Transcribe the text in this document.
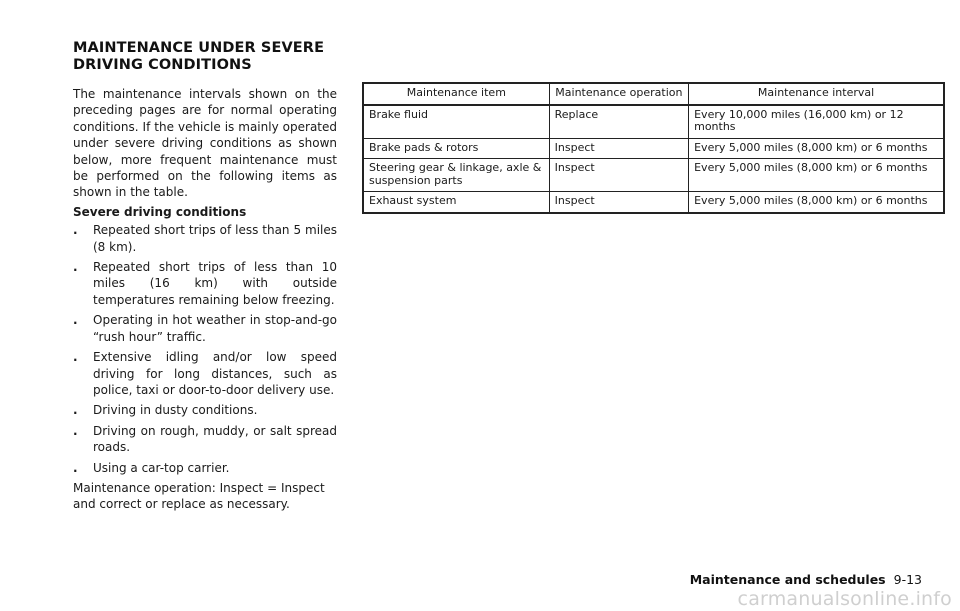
MAINTENANCE UNDER SEVERE
DRIVING CONDITIONS

The maintenance intervals shown on the preceding pages are for normal operating conditions. If the vehicle is mainly operated under severe driving conditions as shown below, more frequent maintenance must be performed on the following items as shown in the table.

Severe driving conditions

. Repeated short trips of less than 5 miles (8 km).
. Repeated short trips of less than 10 miles (16 km) with outside temperatures remaining below freezing.
. Operating in hot weather in stop-and-go “rush hour” traffic.
. Extensive idling and/or low speed driving for long distances, such as police, taxi or door-to-door delivery use.
. Driving in dusty conditions.
. Driving on rough, muddy, or salt spread roads.
. Using a car-top carrier.

Maintenance operation: Inspect = Inspect and correct or replace as necessary.

Maintenance item	Maintenance operation	Maintenance interval
Brake fluid	Replace	Every 10,000 miles (16,000 km) or 12 months
Brake pads & rotors	Inspect	Every 5,000 miles (8,000 km) or 6 months
Steering gear & linkage, axle & suspension parts	Inspect	Every 5,000 miles (8,000 km) or 6 months
Exhaust system	Inspect	Every 5,000 miles (8,000 km) or 6 months
Maintenance and schedules 9-13
carmanualsonline.info
